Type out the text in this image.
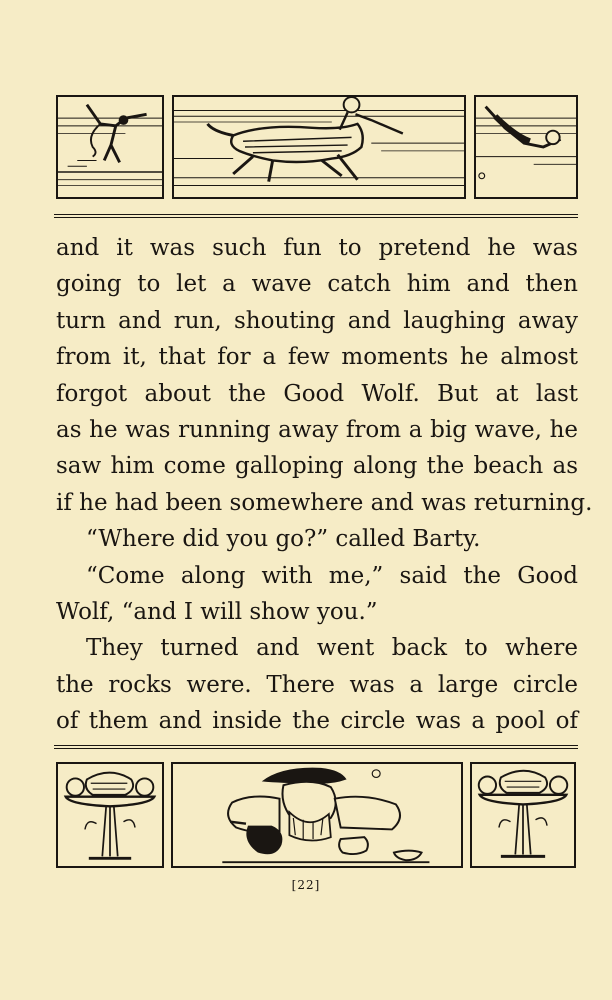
and it was such fun to pretend he was
going to let a wave catch him and then
turn and run, shouting and laughing away
from it, that for a few moments he almost
forgot about the Good Wolf. But at last
as he was running away from a big wave, he
saw him come galloping along the beach as
if he had been somewhere and was returning.
“Where did you go?” called Barty.
“Come along with me,” said the Good
Wolf, “and I will show you.”
They turned and went back to where
the rocks were. There was a large circle
of them and inside the circle was a pool of
[22]
